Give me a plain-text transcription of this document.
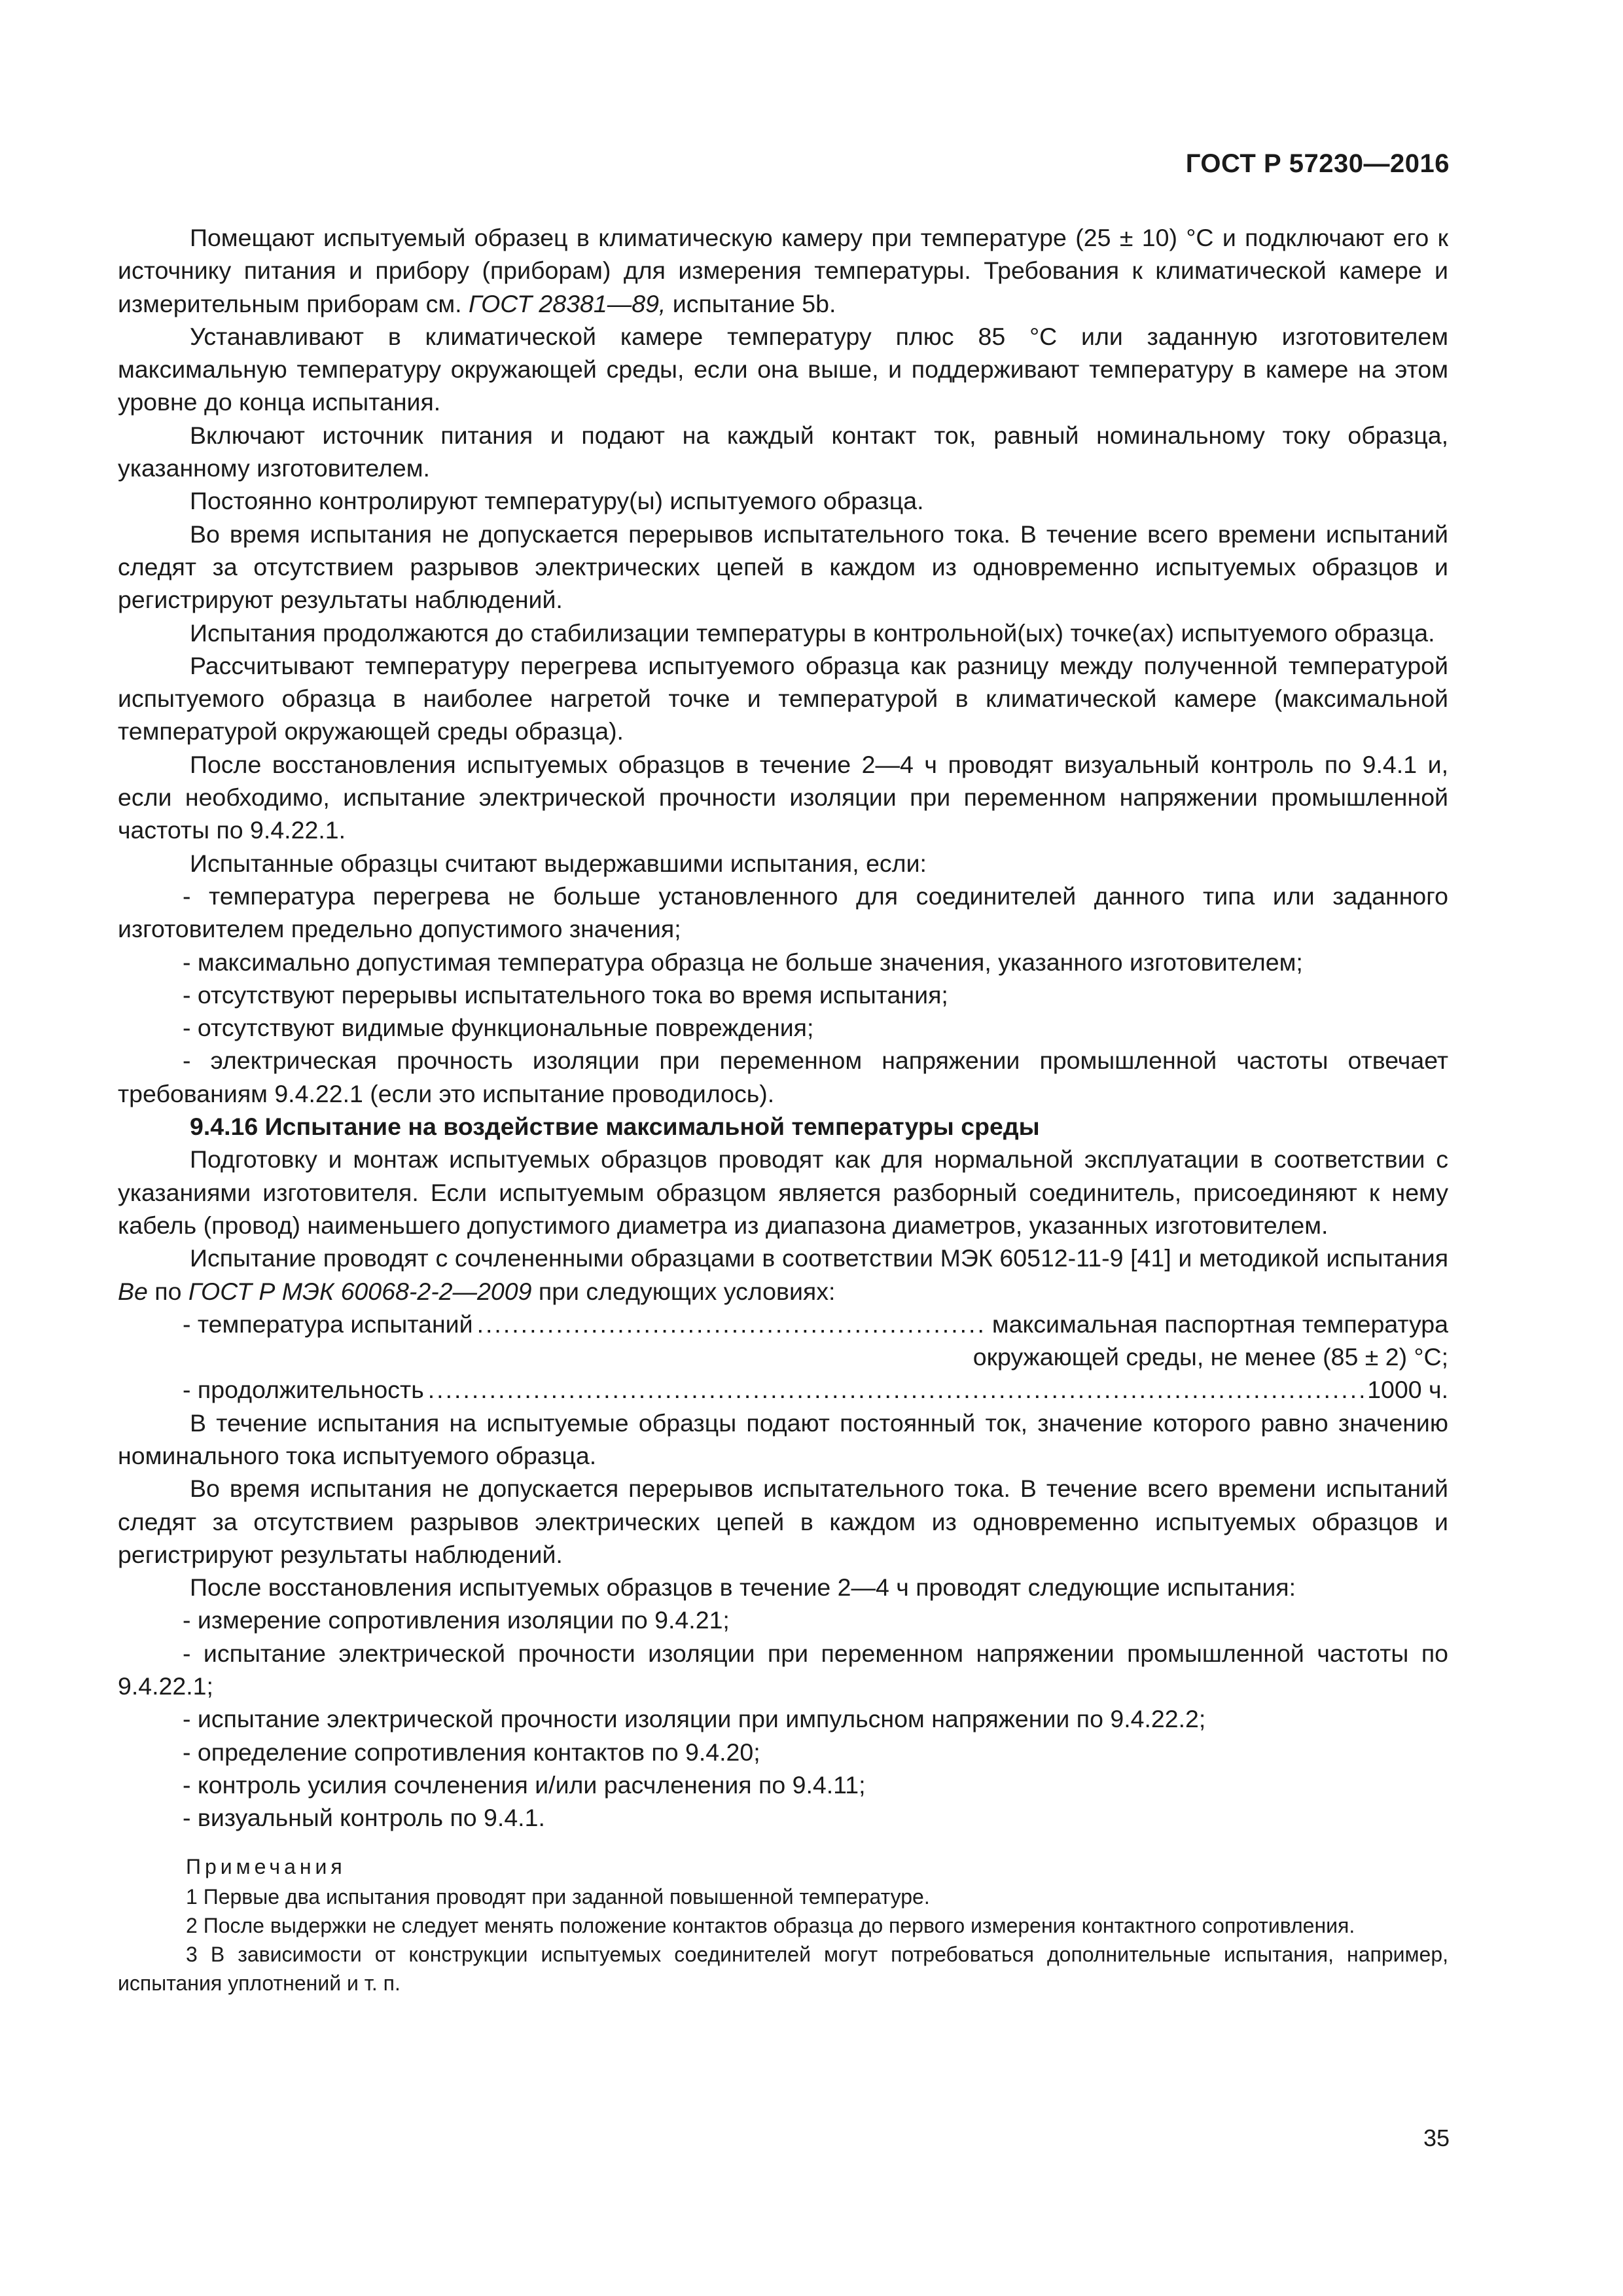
ГОСТ Р 57230—2016

Помещают испытуемый образец в климатическую камеру при температуре (25 ± 10) °С и подключают его к источнику питания и прибору (приборам) для измерения температуры. Требования к климатической камере и измерительным приборам см. ГОСТ 28381—89, испытание 5b.

Устанавливают в климатической камере температуру плюс 85 °С или заданную изготовителем максимальную температуру окружающей среды, если она выше, и поддерживают температуру в камере на этом уровне до конца испытания.

Включают источник питания и подают на каждый контакт ток, равный номинальному току образца, указанному изготовителем.

Постоянно контролируют температуру(ы) испытуемого образца.

Во время испытания не допускается перерывов испытательного тока. В течение всего времени испытаний следят за отсутствием разрывов электрических цепей в каждом из одновременно испытуемых образцов и регистрируют результаты наблюдений.

Испытания продолжаются до стабилизации температуры в контрольной(ых) точке(ах) испытуемого образца.

Рассчитывают температуру перегрева испытуемого образца как разницу между полученной температурой испытуемого образца в наиболее нагретой точке и температурой в климатической камере (максимальной температурой окружающей среды образца).

После восстановления испытуемых образцов в течение 2—4 ч проводят визуальный контроль по 9.4.1 и, если необходимо, испытание электрической прочности изоляции при переменном напряжении промышленной частоты по 9.4.22.1.

Испытанные образцы считают выдержавшими испытания, если:

- температура перегрева не больше установленного для соединителей данного типа или заданного изготовителем предельно допустимого значения;

- максимально допустимая температура образца не больше значения, указанного изготовителем;

- отсутствуют перерывы испытательного тока во время испытания;

- отсутствуют видимые функциональные повреждения;

- электрическая прочность изоляции при переменном напряжении промышленной частоты отвечает требованиям 9.4.22.1 (если это испытание проводилось).

9.4.16 Испытание на воздействие максимальной температуры среды

Подготовку и монтаж испытуемых образцов проводят как для нормальной эксплуатации в соответствии с указаниями изготовителя. Если испытуемым образцом является разборный соединитель, присоединяют к нему кабель (провод) наименьшего допустимого диаметра из диапазона диаметров, указанных изготовителем.

Испытание проводят с сочлененными образцами в соответствии МЭК 60512-11-9 [41] и методикой испытания Be по ГОСТ Р МЭК 60068-2-2—2009 при следующих условиях:

- температура испытаний .....	максимальная паспортная температура

окружающей среды, не менее (85 ± 2) °С;

- продолжительность .....	1000 ч.

В течение испытания на испытуемые образцы подают постоянный ток, значение которого равно значению номинального тока испытуемого образца.

Во время испытания не допускается перерывов испытательного тока. В течение всего времени испытаний следят за отсутствием разрывов электрических цепей в каждом из одновременно испытуемых образцов и регистрируют результаты наблюдений.

После восстановления испытуемых образцов в течение 2—4 ч проводят следующие испытания:

- измерение сопротивления изоляции по 9.4.21;

- испытание электрической прочности изоляции при переменном напряжении промышленной частоты по 9.4.22.1;

- испытание электрической прочности изоляции при импульсном напряжении по 9.4.22.2;

- определение сопротивления контактов по 9.4.20;

- контроль усилия сочленения и/или расчленения по 9.4.11;

- визуальный контроль по 9.4.1.

Примечания

1 Первые два испытания проводят при заданной повышенной температуре.

2 После выдержки не следует менять положение контактов образца до первого измерения контактного сопротивления.

3 В зависимости от конструкции испытуемых соединителей могут потребоваться дополнительные испытания, например, испытания уплотнений и т. п.

35
